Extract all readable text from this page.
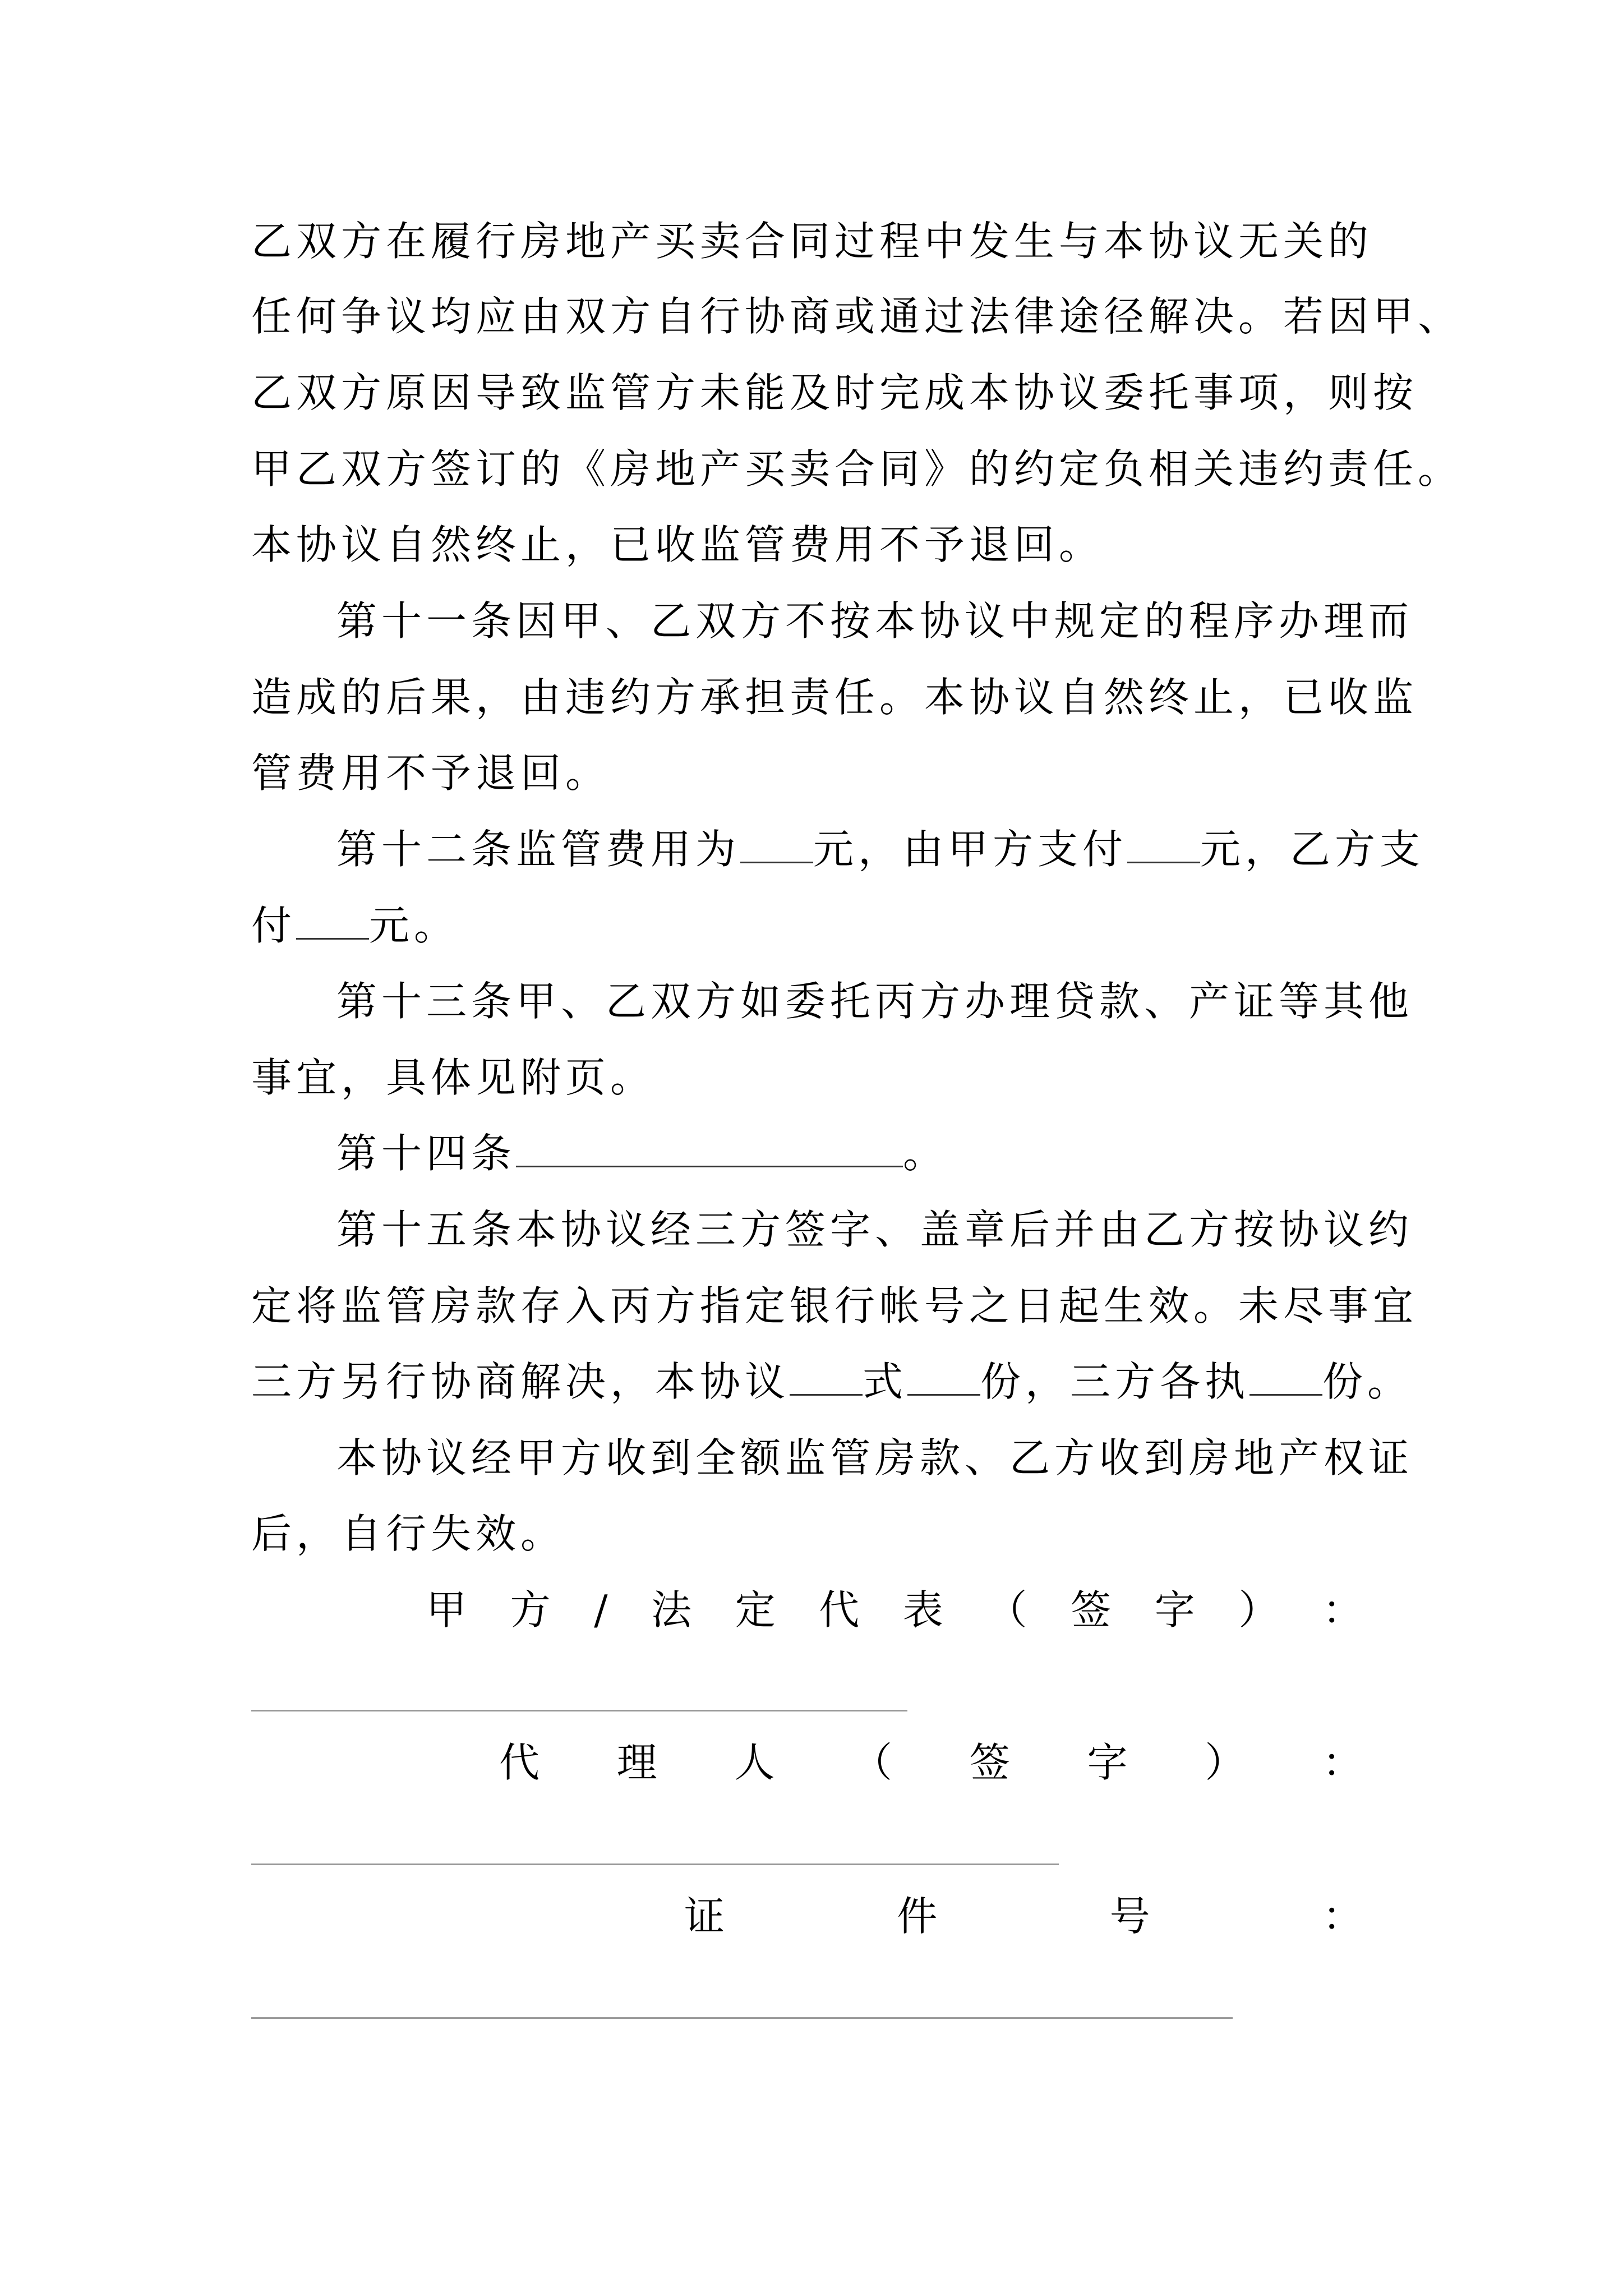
乙双方在履行房地产买卖合同过程中发生与本协议无关的
任何争议均应由双方自行协商或通过法律途径解决。若因甲、
乙双方原因导致监管方未能及时完成本协议委托事项，则按
甲乙双方签订的《房地产买卖合同》的约定负相关违约责任。
本协议自然终止，已收监管费用不予退回。
第十一条因甲、乙双方不按本协议中规定的程序办理而
造成的后果，由违约方承担责任。本协议自然终止，已收监
管费用不予退回。
第十二条监管费用为 元，由甲方支付 元，乙方支
付 元。
第十三条甲、乙双方如委托丙方办理贷款、产证等其他
事宜，具体见附页。
第十四条	。
第十五条本协议经三方签字、盖章后并由乙方按协议约
定将监管房款存入丙方指定银行帐号之日起生效。未尽事宜
三方另行协商解决，本协议 式 份，三方各执 份。
本协议经甲方收到全额监管房款、乙方收到房地产权证
后，自行失效。
甲 方 / 法 定 代 表 （ 签 字 ） ：
代 理 人 （ 签 字 ） ：
证	件	号	：
